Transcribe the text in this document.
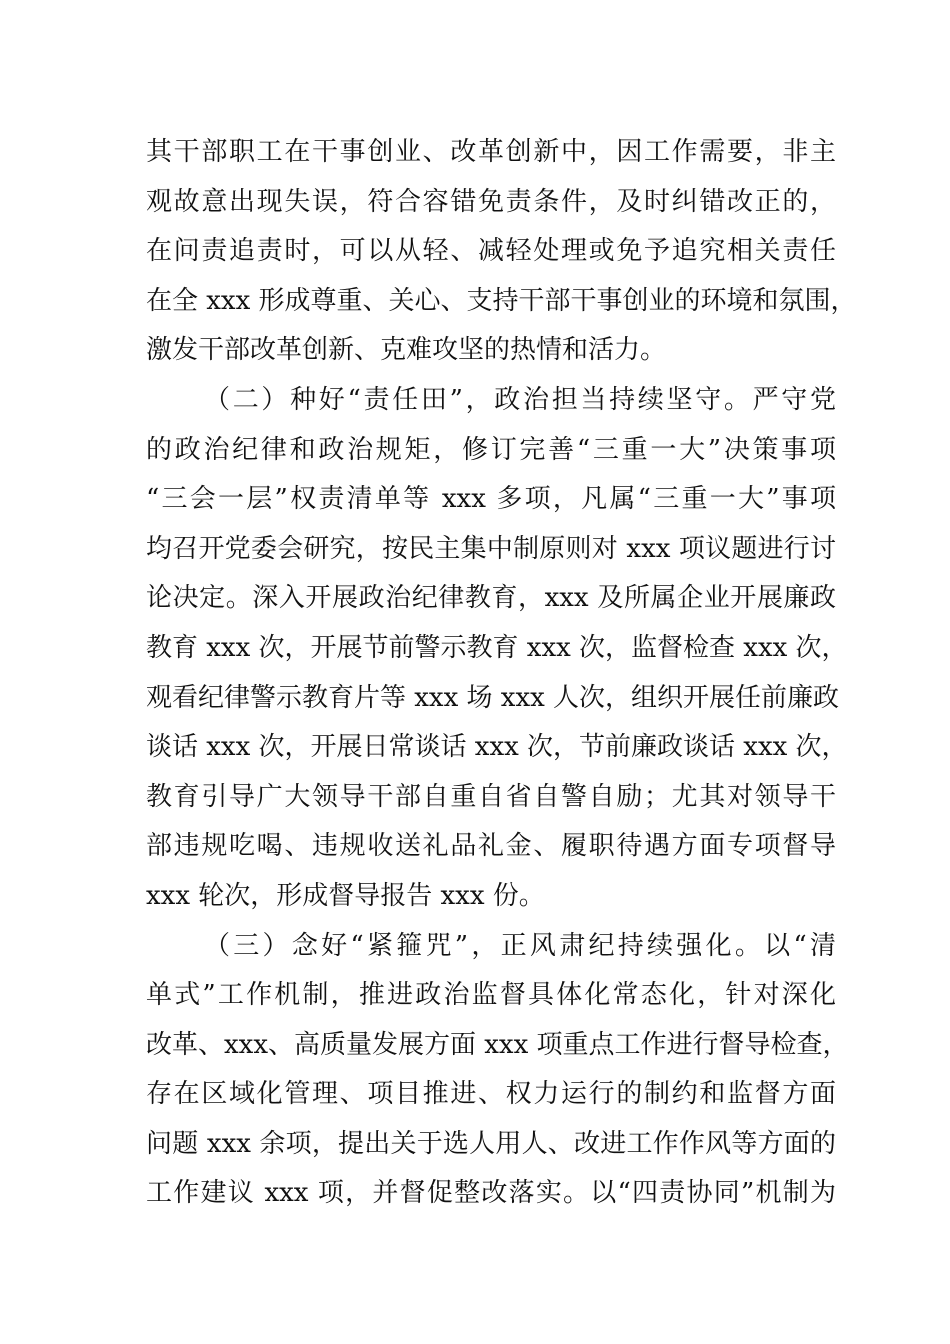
其干部职工在干事创业、改革创新中，因工作需要，非主
观故意出现失误，符合容错免责条件，及时纠错改正的，
在问责追责时，可以从轻、减轻处理或免予追究相关责任
在全 xxx 形成尊重、关心、支持干部干事创业的环境和氛围，
激发干部改革创新、克难攻坚的热情和活力。
（二）种好“责任田”，政治担当持续坚守。严守党
的政治纪律和政治规矩，修订完善“三重一大”决策事项
“三会一层”权责清单等 xxx 多项，凡属“三重一大”事项
均召开党委会研究，按民主集中制原则对 xxx 项议题进行讨
论决定。深入开展政治纪律教育，xxx 及所属企业开展廉政
教育 xxx 次，开展节前警示教育 xxx 次，监督检查 xxx 次，
观看纪律警示教育片等 xxx 场 xxx 人次，组织开展任前廉政
谈话 xxx 次，开展日常谈话 xxx 次，节前廉政谈话 xxx 次，
教育引导广大领导干部自重自省自警自励；尤其对领导干
部违规吃喝、违规收送礼品礼金、履职待遇方面专项督导
xxx 轮次，形成督导报告 xxx 份。
（三）念好“紧箍咒”，正风肃纪持续强化。以“清
单式”工作机制，推进政治监督具体化常态化，针对深化
改革、xxx、高质量发展方面 xxx 项重点工作进行督导检查，
存在区域化管理、项目推进、权力运行的制约和监督方面
问题 xxx 余项，提出关于选人用人、改进工作作风等方面的
工作建议 xxx 项，并督促整改落实。以“四责协同”机制为
